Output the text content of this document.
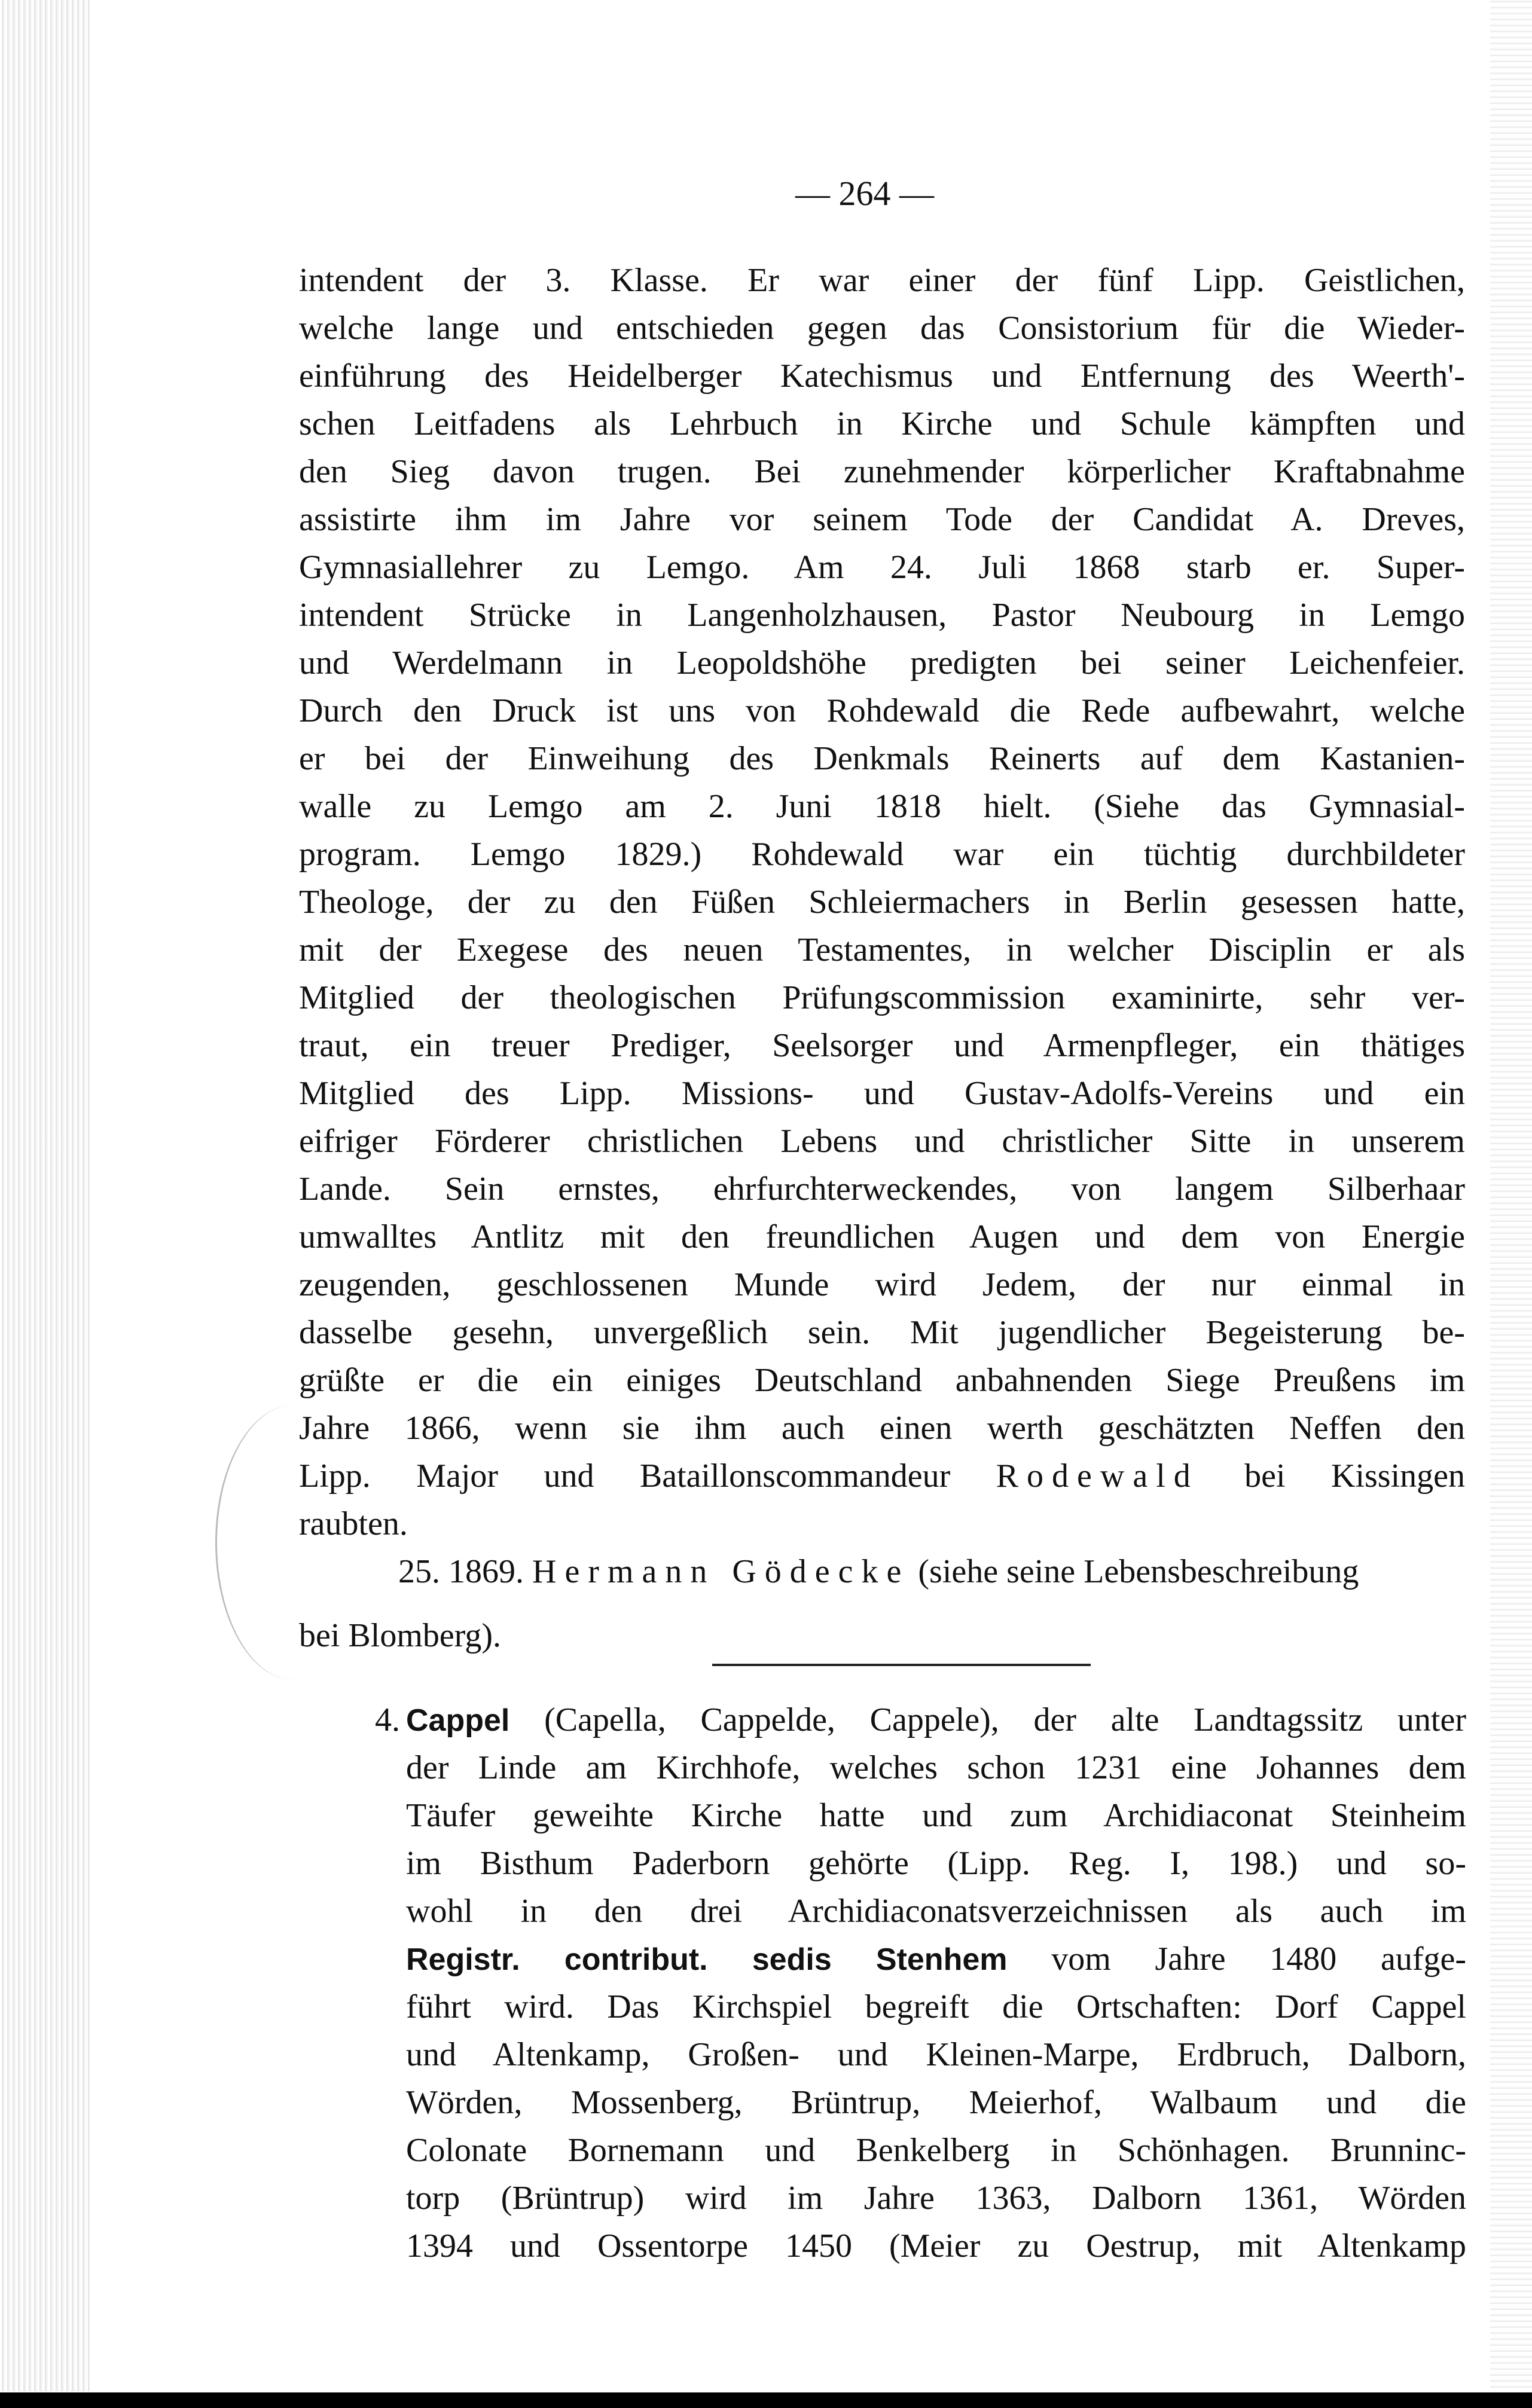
— 264 —
intendent der 3. Klasse. Er war einer der fünf Lipp. Geistlichen,
welche lange und entschieden gegen das Consistorium für die Wieder-
einführung des Heidelberger Katechismus und Entfernung des Weerth'-
schen Leitfadens als Lehrbuch in Kirche und Schule kämpften und
den Sieg davon trugen. Bei zunehmender körperlicher Kraftabnahme
assistirte ihm im Jahre vor seinem Tode der Candidat A. Dreves,
Gymnasiallehrer zu Lemgo. Am 24. Juli 1868 starb er. Super-
intendent Strücke in Langenholzhausen, Pastor Neubourg in Lemgo
und Werdelmann in Leopoldshöhe predigten bei seiner Leichenfeier.
Durch den Druck ist uns von Rohdewald die Rede aufbewahrt, welche
er bei der Einweihung des Denkmals Reinerts auf dem Kastanien-
walle zu Lemgo am 2. Juni 1818 hielt. (Siehe das Gymnasial-
program. Lemgo 1829.) Rohdewald war ein tüchtig durchbildeter
Theologe, der zu den Füßen Schleiermachers in Berlin gesessen hatte,
mit der Exegese des neuen Testamentes, in welcher Disciplin er als
Mitglied der theologischen Prüfungscommission examinirte, sehr ver-
traut, ein treuer Prediger, Seelsorger und Armenpfleger, ein thätiges
Mitglied des Lipp. Missions- und Gustav-Adolfs-Vereins und ein
eifriger Förderer christlichen Lebens und christlicher Sitte in unserem
Lande. Sein ernstes, ehrfurchterweckendes, von langem Silberhaar
umwalltes Antlitz mit den freundlichen Augen und dem von Energie
zeugenden, geschlossenen Munde wird Jedem, der nur einmal in
dasselbe gesehn, unvergeßlich sein. Mit jugendlicher Begeisterung be-
grüßte er die ein einiges Deutschland anbahnenden Siege Preußens im
Jahre 1866, wenn sie ihm auch einen werth geschätzten Neffen den
Lipp. Major und Bataillonscommandeur Rodewald bei Kissingen
raubten.
25. 1869. Hermann Gödecke (siehe seine Lebensbeschreibung
bei Blomberg).
4. Cappel (Capella, Cappelde, Cappele), der alte Landtagssitz unter
der Linde am Kirchhofe, welches schon 1231 eine Johannes dem
Täufer geweihte Kirche hatte und zum Archidiaconat Steinheim
im Bisthum Paderborn gehörte (Lipp. Reg. I, 198.) und so-
wohl in den drei Archidiaconatsverzeichnissen als auch im
Registr. contribut. sedis Stenhem vom Jahre 1480 aufge-
führt wird. Das Kirchspiel begreift die Ortschaften: Dorf Cappel
und Altenkamp, Großen- und Kleinen-Marpe, Erdbruch, Dalborn,
Wörden, Mossenberg, Brüntrup, Meierhof, Walbaum und die
Colonate Bornemann und Benkelberg in Schönhagen. Brunninc-
torp (Brüntrup) wird im Jahre 1363, Dalborn 1361, Wörden
1394 und Ossentorpe 1450 (Meier zu Oestrup, mit Altenkamp
